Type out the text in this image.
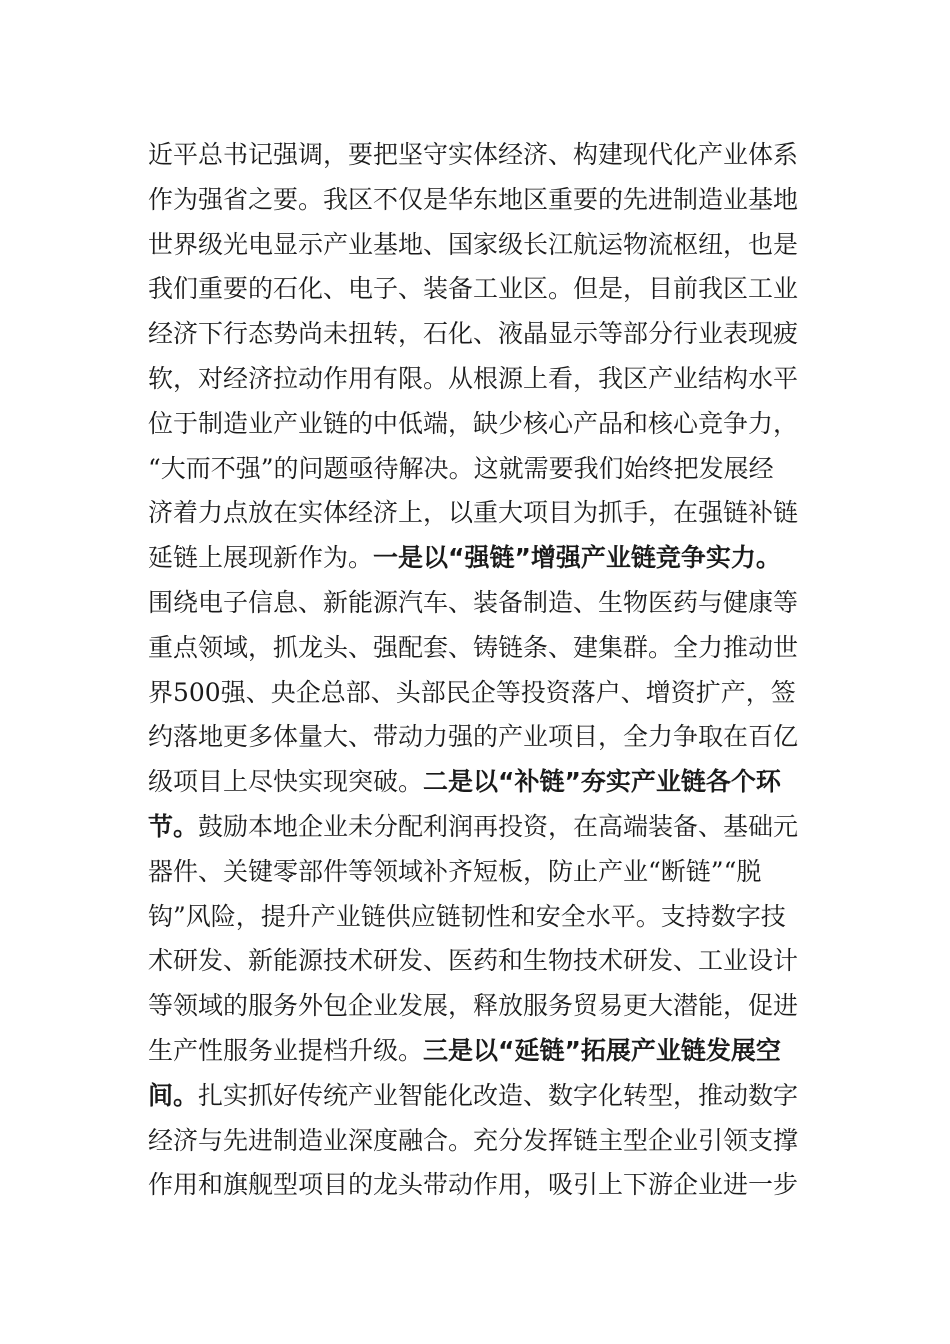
近平总书记强调，要把坚守实体经济、构建现代化产业体系
作为强省之要。我区不仅是华东地区重要的先进制造业基地
世界级光电显示产业基地、国家级长江航运物流枢纽，也是
我们重要的石化、电子、装备工业区。但是，目前我区工业
经济下行态势尚未扭转，石化、液晶显示等部分行业表现疲
软，对经济拉动作用有限。从根源上看，我区产业结构水平
位于制造业产业链的中低端，缺少核心产品和核心竞争力，
“大而不强”的问题亟待解决。这就需要我们始终把发展经
济着力点放在实体经济上，以重大项目为抓手，在强链补链
延链上展现新作为。一是以“强链”增强产业链竞争实力。
围绕电子信息、新能源汽车、装备制造、生物医药与健康等
重点领域，抓龙头、强配套、铸链条、建集群。全力推动世
界500强、央企总部、头部民企等投资落户、增资扩产，签
约落地更多体量大、带动力强的产业项目，全力争取在百亿
级项目上尽快实现突破。二是以“补链”夯实产业链各个环
节。鼓励本地企业未分配利润再投资，在高端装备、基础元
器件、关键零部件等领域补齐短板，防止产业“断链”“脱
钩”风险，提升产业链供应链韧性和安全水平。支持数字技
术研发、新能源技术研发、医药和生物技术研发、工业设计
等领域的服务外包企业发展，释放服务贸易更大潜能，促进
生产性服务业提档升级。三是以“延链”拓展产业链发展空
间。扎实抓好传统产业智能化改造、数字化转型，推动数字
经济与先进制造业深度融合。充分发挥链主型企业引领支撑
作用和旗舰型项目的龙头带动作用，吸引上下游企业进一步
